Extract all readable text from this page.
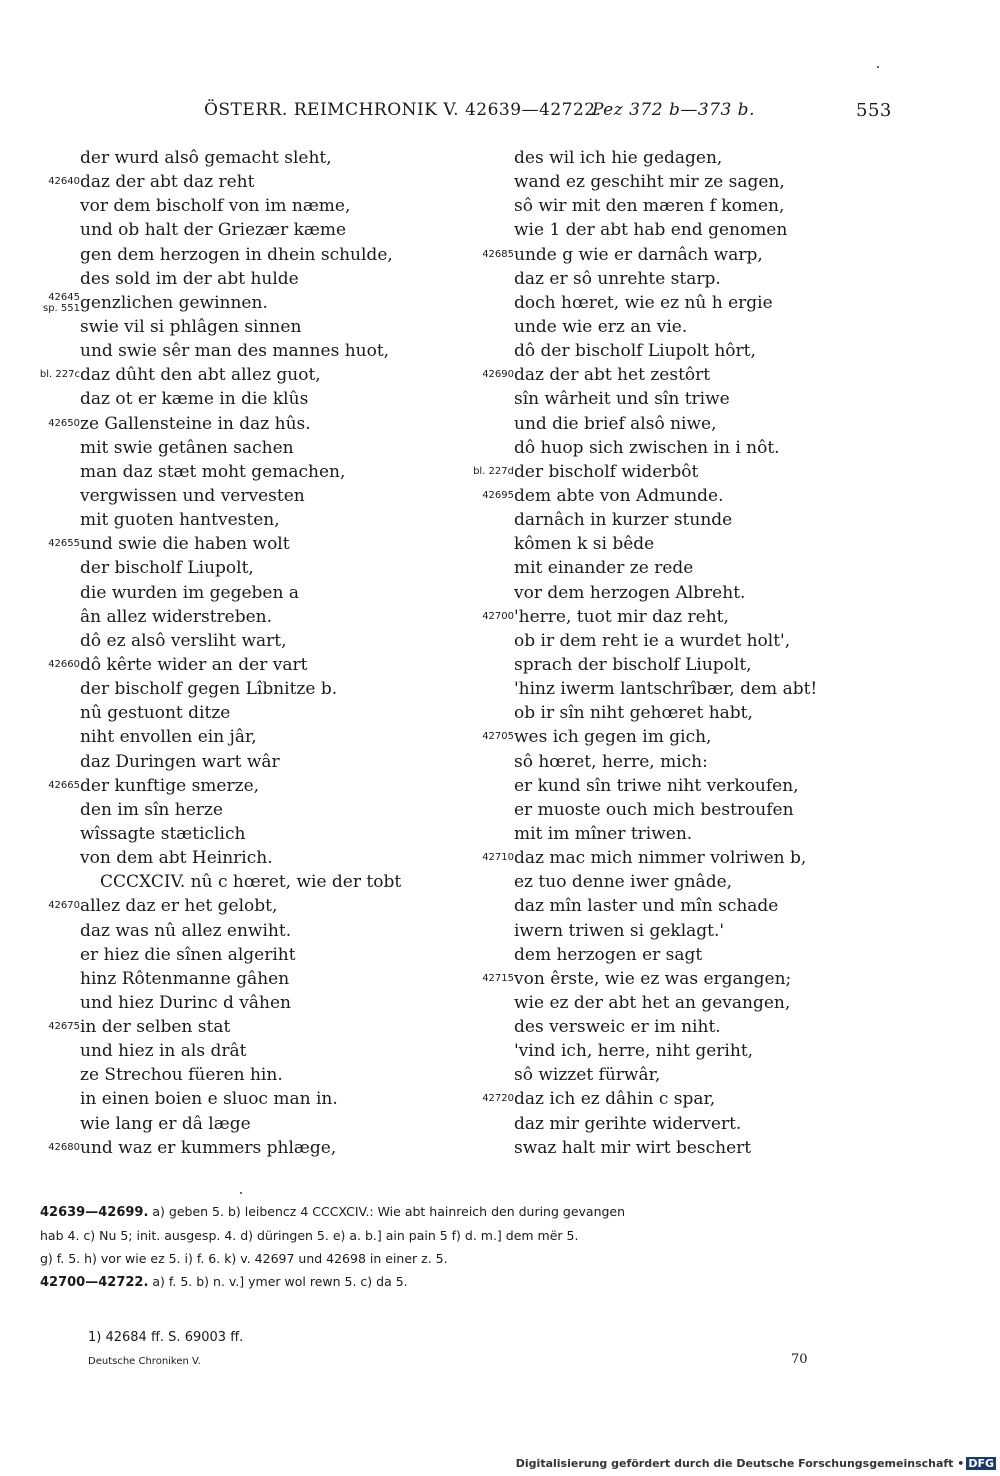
ÖSTERR. REIMCHRONIK V. 42639—42722.
Pez 372 b—373 b.	553
der wurd alsô gemacht sleht,
42640 daz der abt daz reht
vor dem bischolf von im næme,
und ob halt der Griezær kæme
gen dem herzogen in dhein schulde,
des sold im der abt hulde
42645
sp. 551 genzlichen gewinnen.
swie vil si phlâgen sinnen
und swie sêr man des mannes huot,
bl. 227c daz dûht den abt allez guot,
daz ot er kæme in die klûs
42650 ze Gallensteine in daz hûs.
mit swie getânen sachen
man daz stæt moht gemachen,
vergwissen und vervesten
mit guoten hantvesten,
42655 und swie die haben wolt
der bischolf Liupolt,
die wurden im gegeben a
ân allez widerstreben.
dô ez alsô versliht wart,
42660 dô kêrte wider an der vart
der bischolf gegen Lîbnitze b.
nû gestuont ditze
niht envollen ein jâr,
daz Duringen wart wâr
42665 der kunftige smerze,
den im sîn herze
wîssagte stæticlich
von dem abt Heinrich.
CCCXCIV. nû c hœret, wie der tobt
42670 allez daz er het gelobt,
daz was nû allez enwiht.
er hiez die sînen algeriht
hinz Rôtenmanne gâhen
und hiez Durinc d vâhen
42675 in der selben stat
und hiez in als drât
ze Strechou füeren hin.
in einen boien e sluoc man in.
wie lang er dâ læge
42680 und waz er kummers phlæge,
des wil ich hie gedagen,
wand ez geschiht mir ze sagen,
sô wir mit den mæren f komen,
wie 1 der abt hab end genomen
42685 unde g wie er darnâch warp,
daz er sô unrehte starp.
doch hœret, wie ez nû h ergie
unde wie erz an vie.
dô der bischolf Liupolt hôrt,
42690 daz der abt het zestôrt
sîn wârheit und sîn triwe
und die brief alsô niwe,
dô huop sich zwischen in i nôt.
bl. 227d der bischolf widerbôt
42695 dem abte von Admunde.
darnâch in kurzer stunde
kômen k si bêde
mit einander ze rede
vor dem herzogen Albreht.
42700 'herre, tuot mir daz reht,
ob ir dem reht ie a wurdet holt',
sprach der bischolf Liupolt,
'hinz iwerm lantschrîbær, dem abt!
ob ir sîn niht gehœret habt,
42705 wes ich gegen im gich,
sô hœret, herre, mich:
er kund sîn triwe niht verkoufen,
er muoste ouch mich bestroufen
mit im mîner triwen.
42710 daz mac mich nimmer volriwen b,
ez tuo denne iwer gnâde,
daz mîn laster und mîn schade
iwern triwen si geklagt.'
dem herzogen er sagt
42715 von êrste, wie ez was ergangen;
wie ez der abt het an gevangen,
des versweic er im niht.
'vind ich, herre, niht geriht,
sô wizzet fürwâr,
42720 daz ich ez dâhin c spar,
daz mir gerihte widervert.
swaz halt mir wirt beschert
42639—42699. a) geben 5. b) leibencz 4 CCCXCIV.: Wie abt hainreich den during gevangen
hab 4. c) Nu 5; init. ausgesp. 4. d) düringen 5. e) a. b.] ain pain 5 f) d. m.] dem mër 5.
g) f. 5. h) vor wie ez 5. i) f. 6. k) v. 42697 und 42698 in einer z. 5.
42700—42722. a) f. 5. b) n. v.] ymer wol rewn 5. c) da 5.
1) 42684 ff. S. 69003 ff.
Deutsche Chroniken V.	70
Digitalisierung gefördert durch die Deutsche Forschungsgemeinschaft • DFG
